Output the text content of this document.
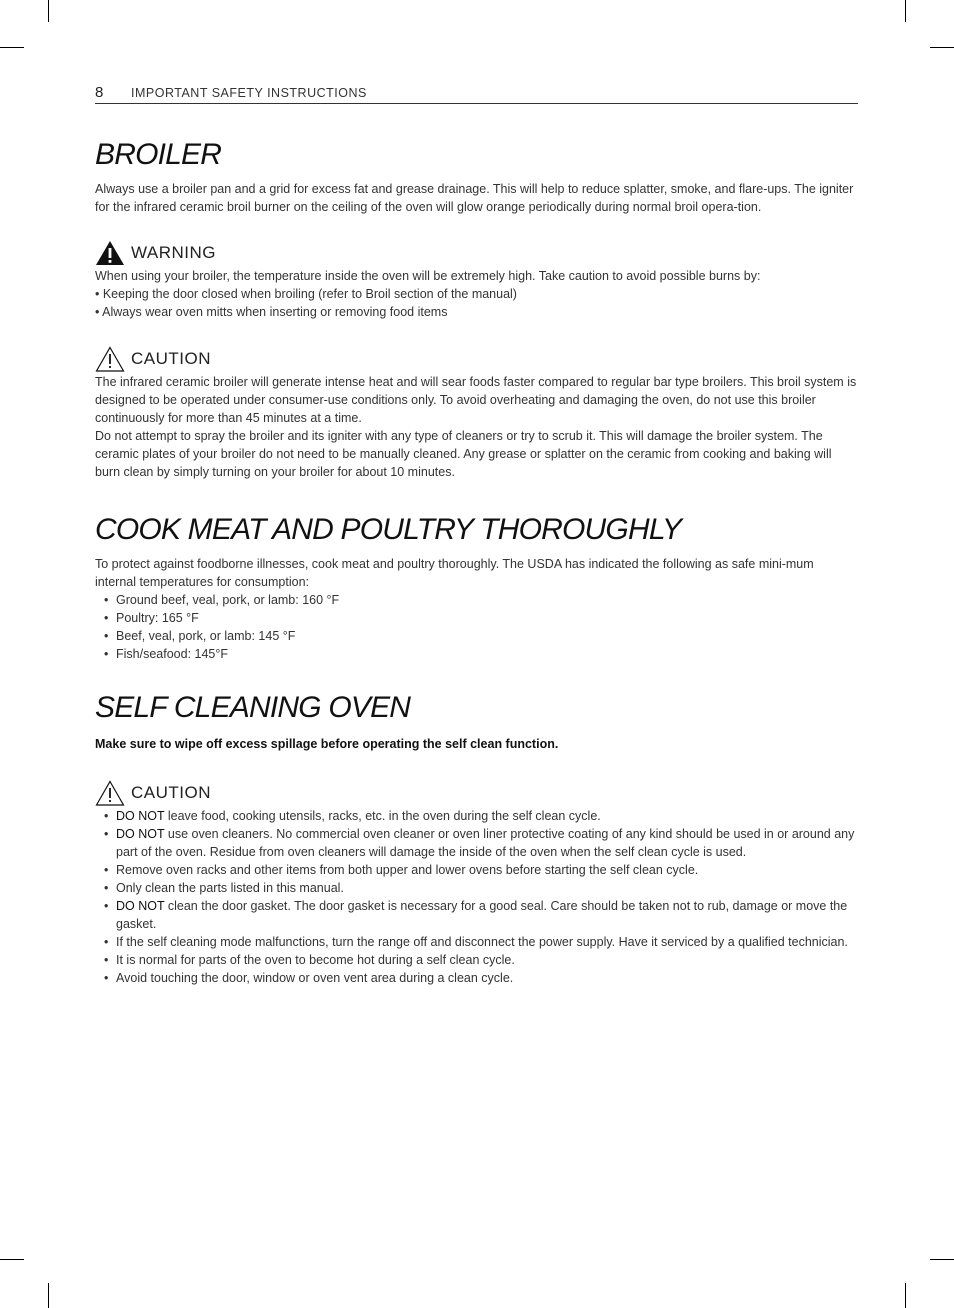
8	IMPORTANT SAFETY INSTRUCTIONS
BROILER

Always use a broiler pan and a grid for excess fat and grease drainage. This will help to reduce splatter, smoke, and flare-ups. The igniter for the infrared ceramic broil burner on the ceiling of the oven will glow orange periodically during normal broil opera-tion.

WARNING

When using your broiler, the temperature inside the oven will be extremely high. Take caution to avoid possible burns by:

• Keeping the door closed when broiling (refer to Broil section of the manual)
• Always wear oven mitts when inserting or removing food items
CAUTION

The infrared ceramic broiler will generate intense heat and will sear foods faster compared to regular bar type broilers. This broil system is designed to be operated under consumer-use conditions only. To avoid overheating and damaging the oven, do not use this broiler continuously for more than 45 minutes at a time.

Do not attempt to spray the broiler and its igniter with any type of cleaners or try to scrub it. This will damage the broiler system. The ceramic plates of your broiler do not need to be manually cleaned. Any grease or splatter on the ceramic from cooking and baking will burn clean by simply turning on your broiler for about 10 minutes.

COOK MEAT AND POULTRY THOROUGHLY

To protect against foodborne illnesses, cook meat and poultry thoroughly. The USDA has indicated the following as safe mini-mum internal temperatures for consumption:

• Ground beef, veal, pork, or lamb: 160 °F
• Poultry: 165 °F
• Beef, veal, pork, or lamb: 145 °F
• Fish/seafood: 145°F
SELF CLEANING OVEN

Make sure to wipe off excess spillage before operating the self clean function.

CAUTION
• DO NOT leave food, cooking utensils, racks, etc. in the oven during the self clean cycle.
• DO NOT use oven cleaners. No commercial oven cleaner or oven liner protective coating of any kind should be used in or around any part of the oven. Residue from oven cleaners will damage the inside of the oven when the self clean cycle is used.
• Remove oven racks and other items from both upper and lower ovens before starting the self clean cycle.
• Only clean the parts listed in this manual.
• DO NOT clean the door gasket. The door gasket is necessary for a good seal. Care should be taken not to rub, damage or move the gasket.
• If the self cleaning mode malfunctions, turn the range off and disconnect the power supply. Have it serviced by a qualified technician.
• It is normal for parts of the oven to become hot during a self clean cycle.
• Avoid touching the door, window or oven vent area during a clean cycle.
